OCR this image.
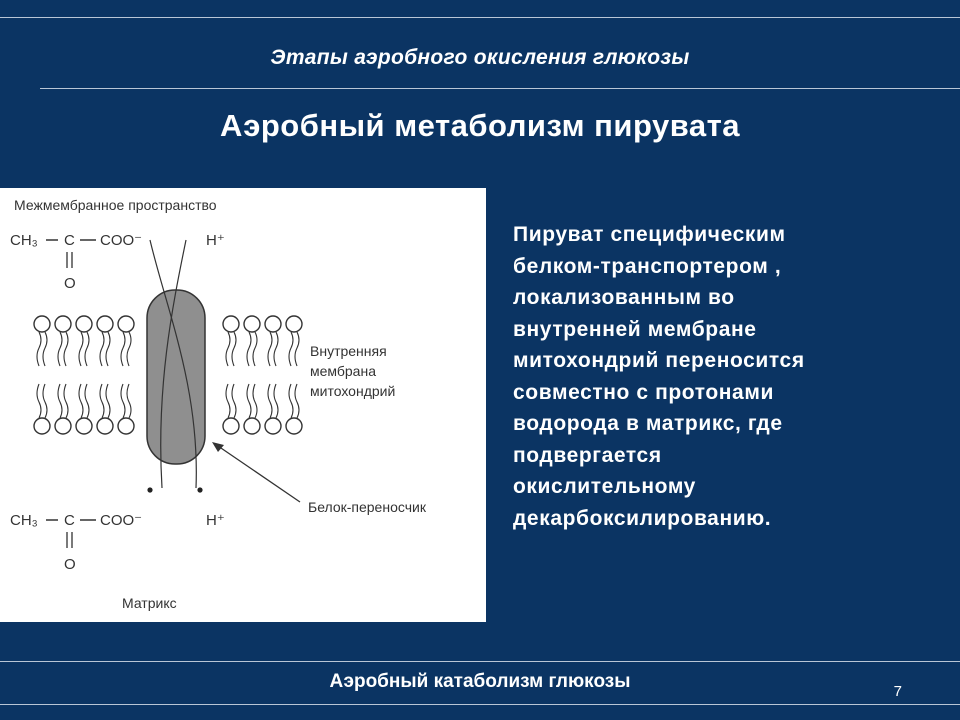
Этапы аэробного окисления глюкозы
Аэробный метаболизм пирувата
Межмембранное пространство
CH₃ C COO⁻
O
H⁺
Внутренняя
мембрана
митохондрий
Белок-переносчик
CH₃ C COO⁻
O
H⁺
Матрикс
Пируват специфическим
белком-транспортером ,
локализованным во
внутренней мембране
митохондрий переносится
совместно с протонами
водорода в матрикс, где
подвергается
окислительному
декарбоксилированию.
Аэробный катаболизм глюкозы	7
